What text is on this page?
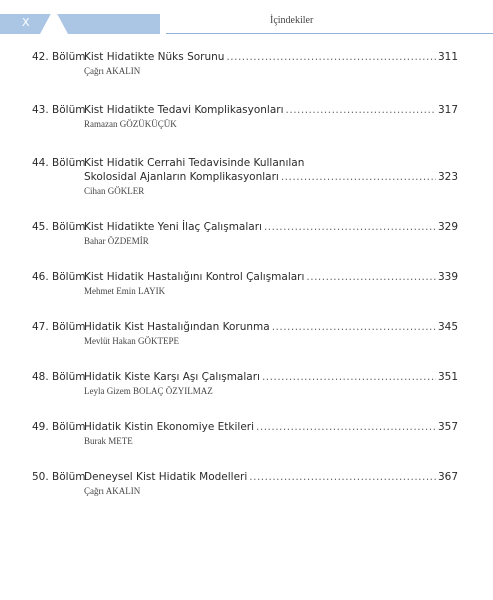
X	İçindekiler
42. Bölüm
Kist Hidatikte Nüks Sorunu .....	311
Çağrı AKALIN
43. Bölüm
Kist Hidatikte Tedavi Komplikasyonları .....	317
Ramazan GÖZÜKÜÇÜK
44. Bölüm
Kist Hidatik Cerrahi Tedavisinde Kullanılan
Skolosidal Ajanların Komplikasyonları .....	323
Cihan GÖKLER
45. Bölüm
Kist Hidatikte Yeni İlaç Çalışmaları .....	329
Bahar ÖZDEMİR
46. Bölüm
Kist Hidatik Hastalığını Kontrol Çalışmaları .....	339
Mehmet Emin LAYIK
47. Bölüm
Hidatik Kist Hastalığından Korunma .....	345
Mevlüt Hakan GÖKTEPE
48. Bölüm
Hidatik Kiste Karşı Aşı Çalışmaları .....	351
Leyla Gizem BOLAÇ ÖZYILMAZ
49. Bölüm
Hidatik Kistin Ekonomiye Etkileri .....	357
Burak METE
50. Bölüm
Deneysel Kist Hidatik Modelleri .....	367
Çağrı AKALIN
